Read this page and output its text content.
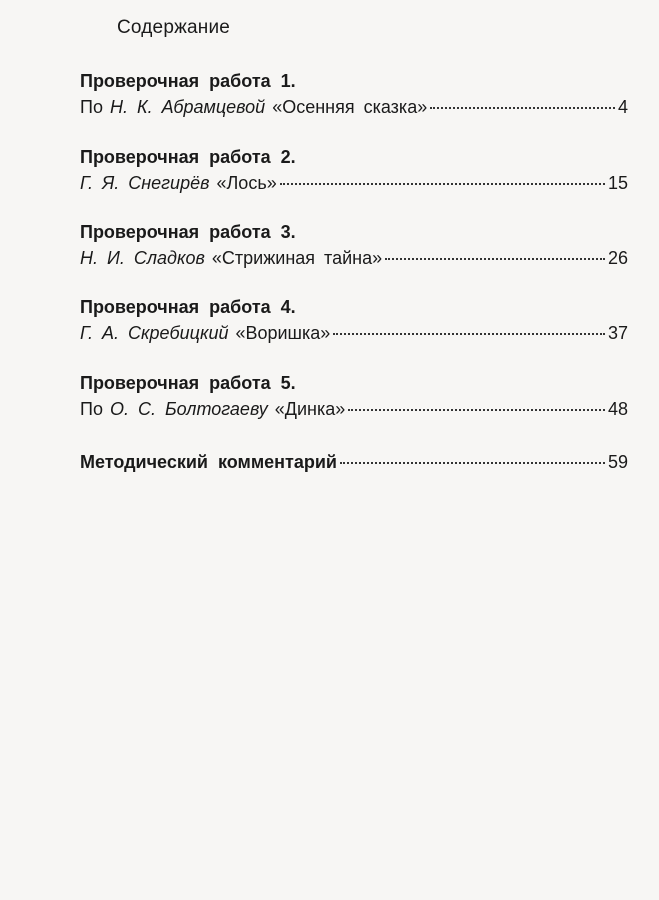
Содержание
Проверочная работа 1.
По Н. К. Абрамцевой «Осенняя сказка»	4
Проверочная работа 2.
Г. Я. Снегирёв «Лось»	15
Проверочная работа 3.
Н. И. Сладков «Стрижиная тайна»	26
Проверочная работа 4.
Г. А. Скребицкий «Воришка»	37
Проверочная работа 5.
По О. С. Болтогаеву «Динка»	48
Методический комментарий	59
